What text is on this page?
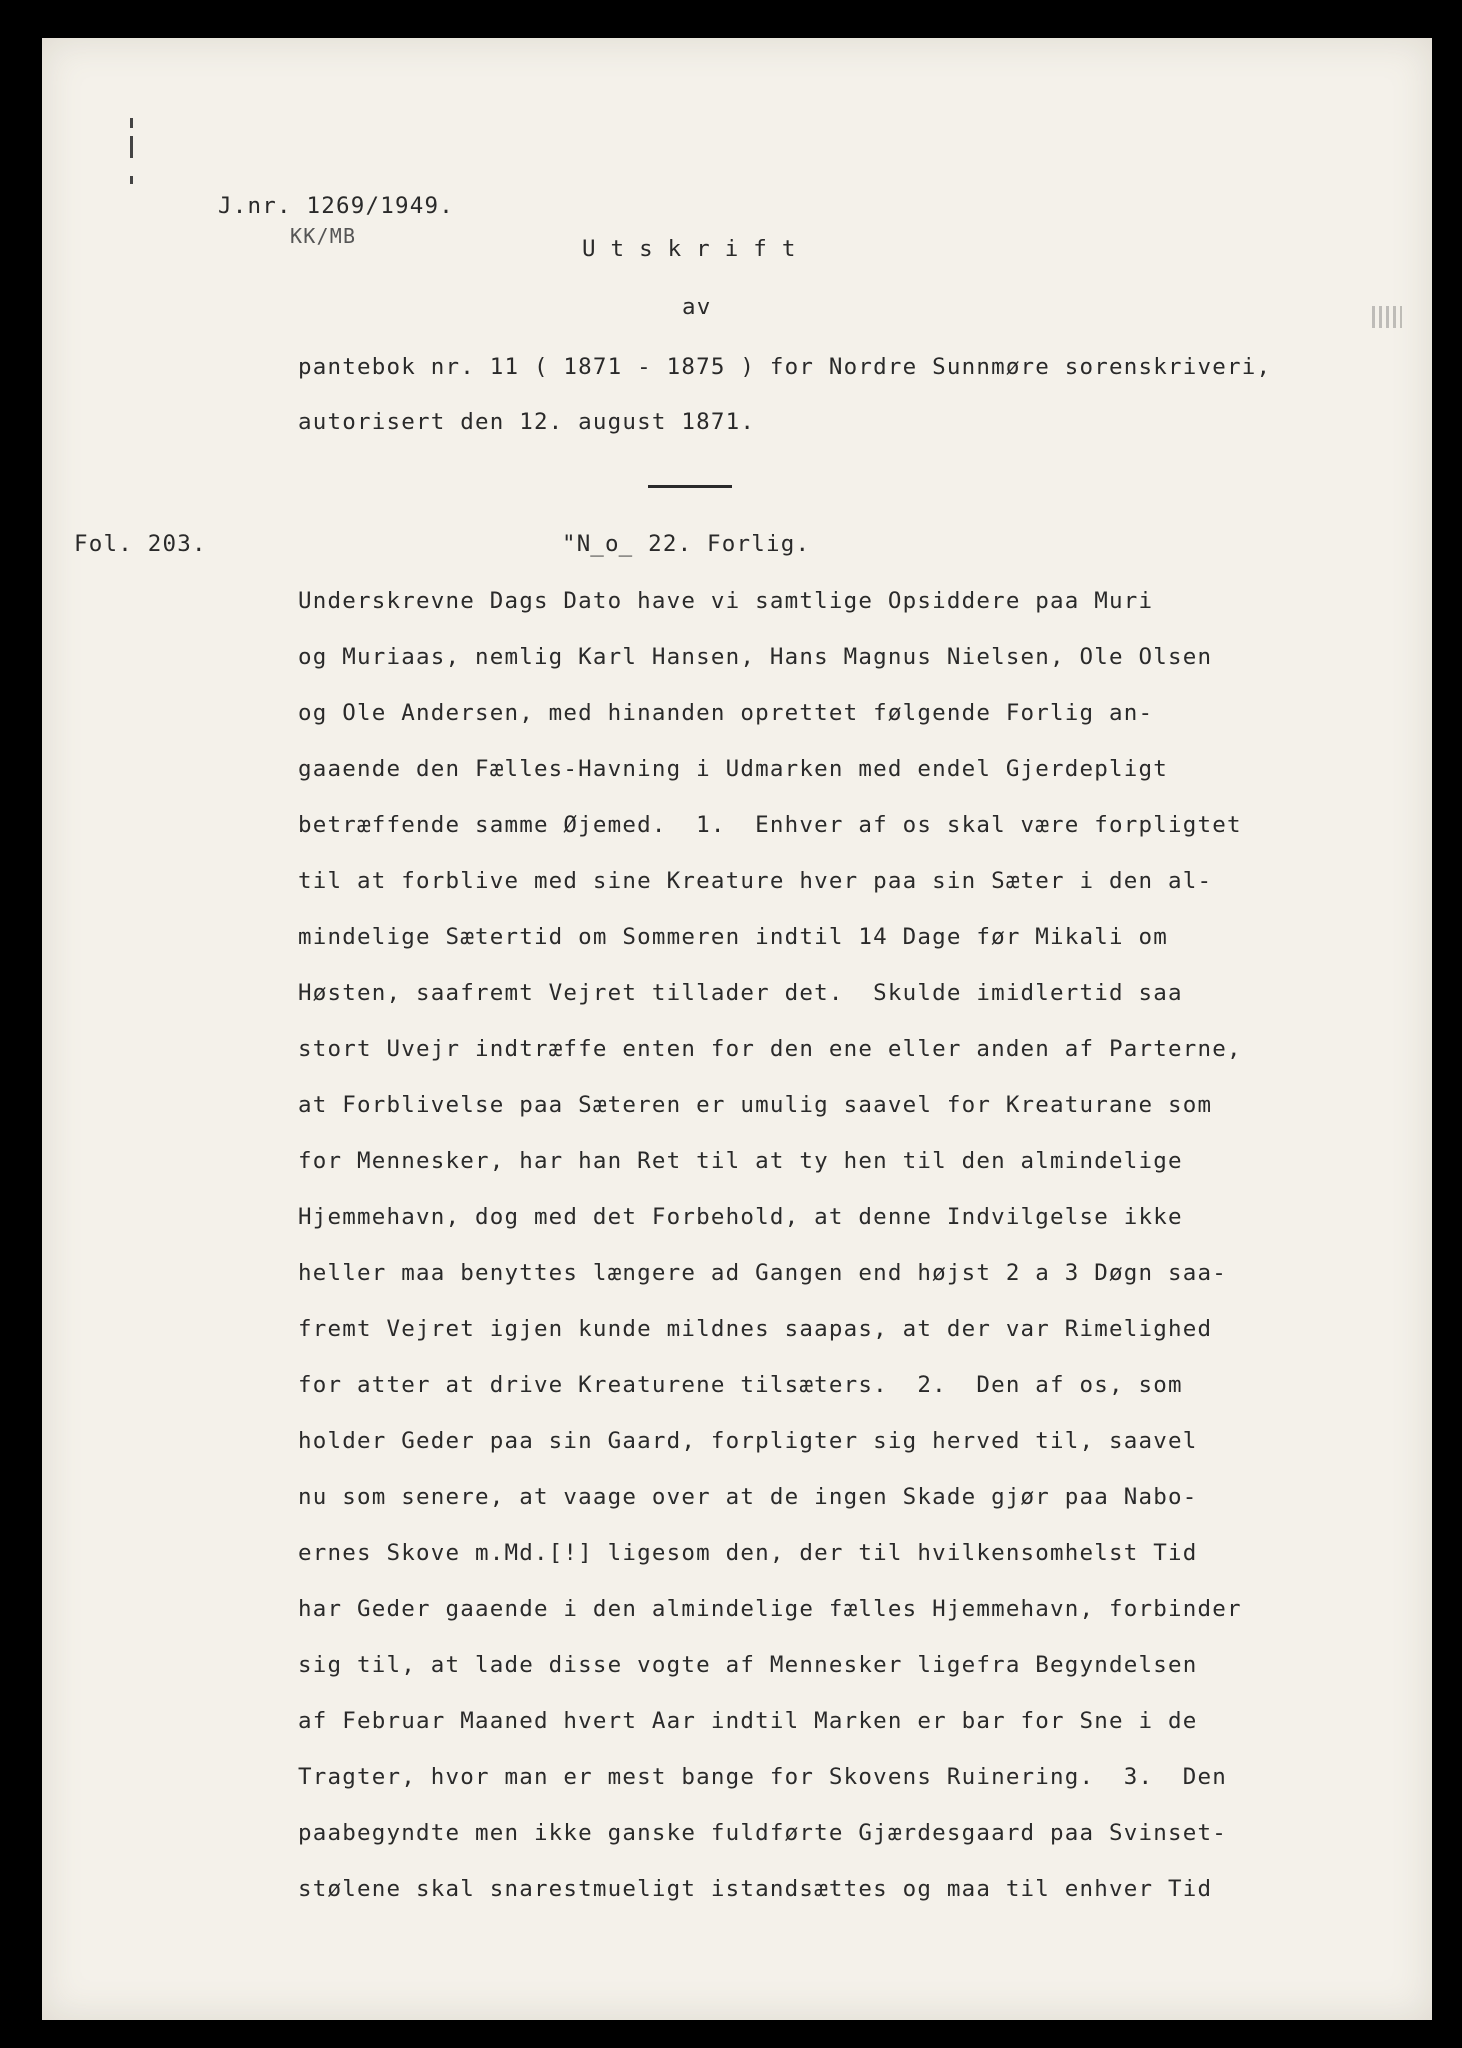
J.nr. 1269/1949.
KK/MB	Utskrift
av
pantebok nr. 11 ( 1871 - 1875 ) for Nordre Sunnmøre sorenskriveri,
autorisert den 12. august 1871.
Fol. 203.	"N̲o̲ 22. Forlig.
Underskrevne Dags Dato have vi samtlige Opsiddere paa Muri
og Muriaas, nemlig Karl Hansen, Hans Magnus Nielsen, Ole Olsen
og Ole Andersen, med hinanden oprettet følgende Forlig an-
gaaende den Fælles-Havning i Udmarken med endel Gjerdepligt
betræffende samme Øjemed.  1.  Enhver af os skal være forpligtet
til at forblive med sine Kreature hver paa sin Sæter i den al-
mindelige Sætertid om Sommeren indtil 14 Dage før Mikali om
Høsten, saafremt Vejret tillader det.  Skulde imidlertid saa
stort Uvejr indtræffe enten for den ene eller anden af Parterne,
at Forblivelse paa Sæteren er umulig saavel for Kreaturane som
for Mennesker, har han Ret til at ty hen til den almindelige
Hjemmehavn, dog med det Forbehold, at denne Indvilgelse ikke
heller maa benyttes længere ad Gangen end højst 2 a 3 Døgn saa-
fremt Vejret igjen kunde mildnes saapas, at der var Rimelighed
for atter at drive Kreaturene tilsæters.  2.  Den af os, som
holder Geder paa sin Gaard, forpligter sig herved til, saavel
nu som senere, at vaage over at de ingen Skade gjør paa Nabo-
ernes Skove m.Md.[!] ligesom den, der til hvilkensomhelst Tid
har Geder gaaende i den almindelige fælles Hjemmehavn, forbinder
sig til, at lade disse vogte af Mennesker ligefra Begyndelsen
af Februar Maaned hvert Aar indtil Marken er bar for Sne i de
Tragter, hvor man er mest bange for Skovens Ruinering.  3.  Den
paabegyndte men ikke ganske fuldførte Gjærdesgaard paa Svinset-
stølene skal snarestmueligt istandsættes og maa til enhver Tid
